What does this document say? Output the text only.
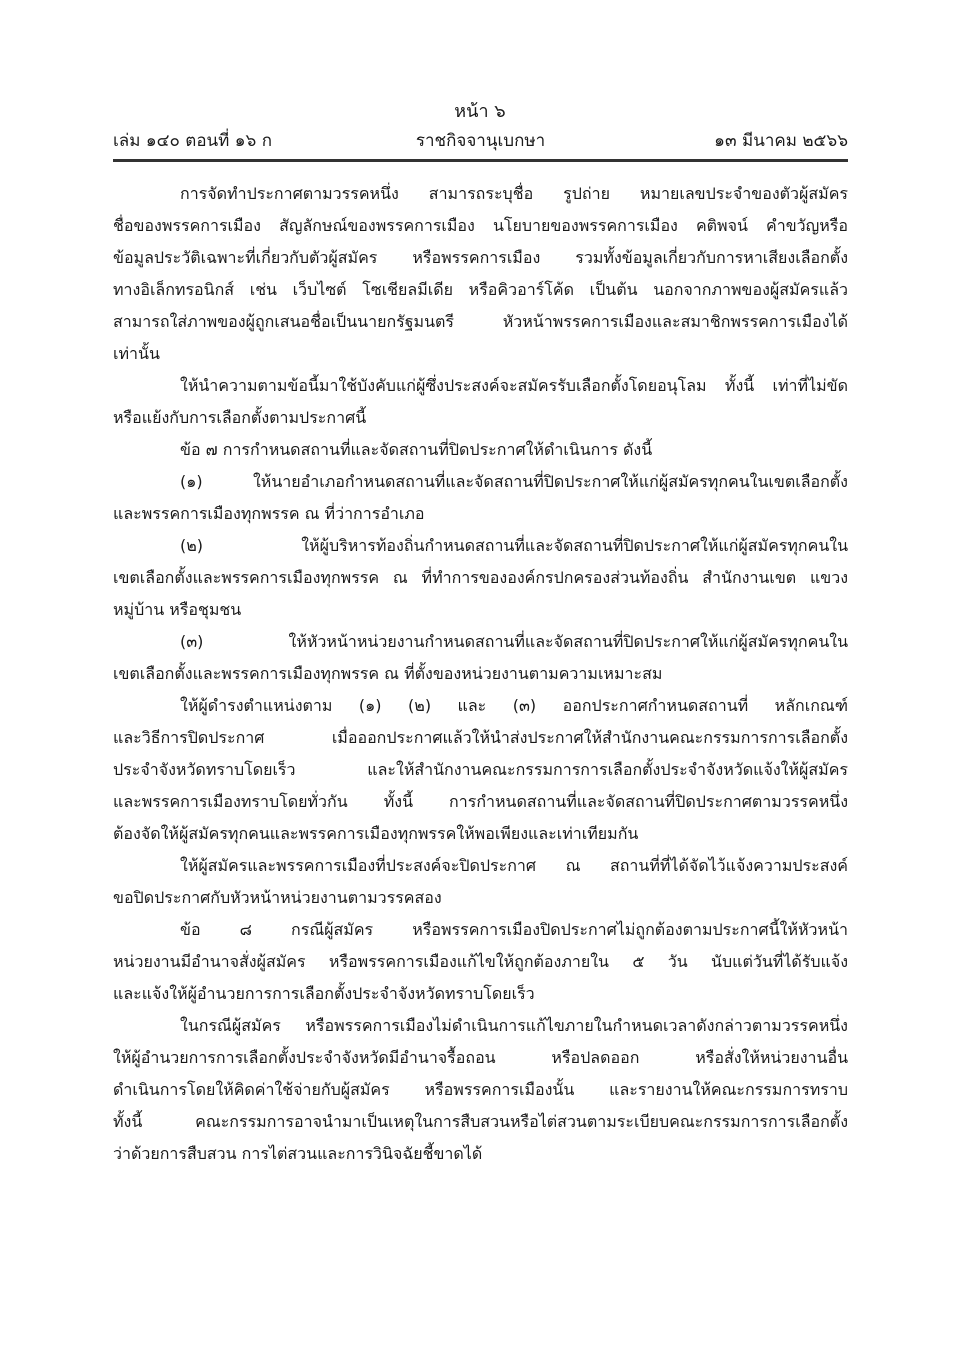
หน้า ๖
เล่ม ๑๔๐ ตอนที่ ๑๖ ก	ราชกิจจานุเบกษา	๑๓ มีนาคม ๒๕๖๖
การจัดทำประกาศตามวรรคหนึ่ง สามารถระบุชื่อ รูปถ่าย หมายเลขประจำของตัวผู้สมัคร
ชื่อของพรรคการเมือง สัญลักษณ์ของพรรคการเมือง นโยบายของพรรคการเมือง คติพจน์ คำขวัญหรือ
ข้อมูลประวัติเฉพาะที่เกี่ยวกับตัวผู้สมัคร หรือพรรคการเมือง รวมทั้งข้อมูลเกี่ยวกับการหาเสียงเลือกตั้ง
ทางอิเล็กทรอนิกส์ เช่น เว็บไซต์ โซเชียลมีเดีย หรือคิวอาร์โค้ด เป็นต้น นอกจากภาพของผู้สมัครแล้ว
สามารถใส่ภาพของผู้ถูกเสนอชื่อเป็นนายกรัฐมนตรี หัวหน้าพรรคการเมืองและสมาชิกพรรคการเมืองได้
เท่านั้น
ให้นำความตามข้อนี้มาใช้บังคับแก่ผู้ซึ่งประสงค์จะสมัครรับเลือกตั้งโดยอนุโลม ทั้งนี้ เท่าที่ไม่ขัด
หรือแย้งกับการเลือกตั้งตามประกาศนี้
ข้อ ๗ การกำหนดสถานที่และจัดสถานที่ปิดประกาศให้ดำเนินการ ดังนี้
(๑) ให้นายอำเภอกำหนดสถานที่และจัดสถานที่ปิดประกาศให้แก่ผู้สมัครทุกคนในเขตเลือกตั้ง
และพรรคการเมืองทุกพรรค ณ ที่ว่าการอำเภอ
(๒) ให้ผู้บริหารท้องถิ่นกำหนดสถานที่และจัดสถานที่ปิดประกาศให้แก่ผู้สมัครทุกคนใน
เขตเลือกตั้งและพรรคการเมืองทุกพรรค ณ ที่ทำการขององค์กรปกครองส่วนท้องถิ่น สำนักงานเขต แขวง
หมู่บ้าน หรือชุมชน
(๓) ให้หัวหน้าหน่วยงานกำหนดสถานที่และจัดสถานที่ปิดประกาศให้แก่ผู้สมัครทุกคนใน
เขตเลือกตั้งและพรรคการเมืองทุกพรรค ณ ที่ตั้งของหน่วยงานตามความเหมาะสม
ให้ผู้ดำรงตำแหน่งตาม (๑) (๒) และ (๓) ออกประกาศกำหนดสถานที่ หลักเกณฑ์
และวิธีการปิดประกาศ เมื่อออกประกาศแล้วให้นำส่งประกาศให้สำนักงานคณะกรรมการการเลือกตั้ง
ประจำจังหวัดทราบโดยเร็ว และให้สำนักงานคณะกรรมการการเลือกตั้งประจำจังหวัดแจ้งให้ผู้สมัคร
และพรรคการเมืองทราบโดยทั่วกัน ทั้งนี้ การกำหนดสถานที่และจัดสถานที่ปิดประกาศตามวรรคหนึ่ง
ต้องจัดให้ผู้สมัครทุกคนและพรรคการเมืองทุกพรรคให้พอเพียงและเท่าเทียมกัน
ให้ผู้สมัครและพรรคการเมืองที่ประสงค์จะปิดประกาศ ณ สถานที่ที่ได้จัดไว้แจ้งความประสงค์
ขอปิดประกาศกับหัวหน้าหน่วยงานตามวรรคสอง
ข้อ ๘ กรณีผู้สมัคร หรือพรรคการเมืองปิดประกาศไม่ถูกต้องตามประกาศนี้ให้หัวหน้า
หน่วยงานมีอำนาจสั่งผู้สมัคร หรือพรรคการเมืองแก้ไขให้ถูกต้องภายใน ๕ วัน นับแต่วันที่ได้รับแจ้ง
และแจ้งให้ผู้อำนวยการการเลือกตั้งประจำจังหวัดทราบโดยเร็ว
ในกรณีผู้สมัคร หรือพรรคการเมืองไม่ดำเนินการแก้ไขภายในกำหนดเวลาดังกล่าวตามวรรคหนึ่ง
ให้ผู้อำนวยการการเลือกตั้งประจำจังหวัดมีอำนาจรื้อถอน หรือปลดออก หรือสั่งให้หน่วยงานอื่น
ดำเนินการโดยให้คิดค่าใช้จ่ายกับผู้สมัคร หรือพรรคการเมืองนั้น และรายงานให้คณะกรรมการทราบ
ทั้งนี้ คณะกรรมการอาจนำมาเป็นเหตุในการสืบสวนหรือไต่สวนตามระเบียบคณะกรรมการการเลือกตั้ง
ว่าด้วยการสืบสวน การไต่สวนและการวินิจฉัยชี้ขาดได้
